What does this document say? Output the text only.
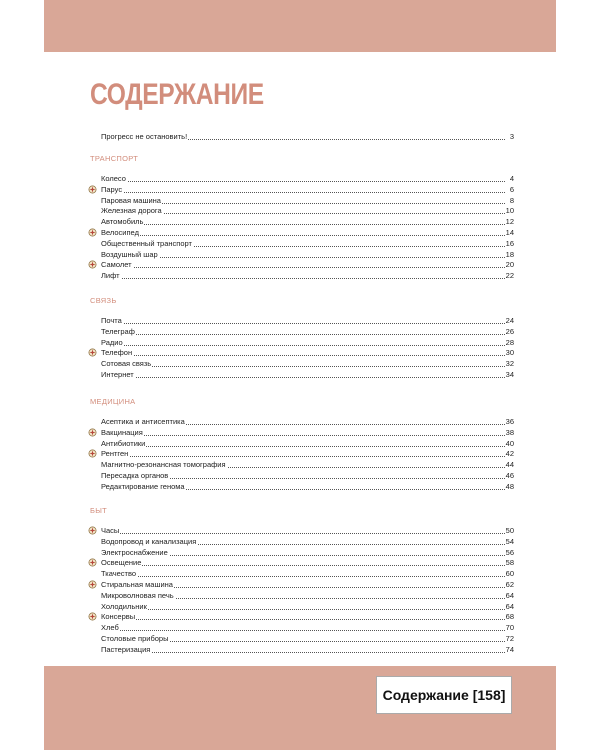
СОДЕРЖАНИЕ
Прогресс не остановить!	3
ТРАНСПОРТ
Колесо	4
Парус	6
Паровая машина	8
Железная дорога	10
Автомобиль	12
Велосипед	14
Общественный транспорт	16
Воздушный шар	18
Самолет	20
Лифт	22
СВЯЗЬ
Почта	24
Телеграф	26
Радио	28
Телефон	30
Сотовая связь	32
Интернет	34
МЕДИЦИНА
Асептика и антисептика	36
Вакцинация	38
Антибиотики	40
Рентген	42
Магнитно-резонансная томография	44
Пересадка органов	46
Редактирование генома	48
БЫТ
Часы	50
Водопровод и канализация	54
Электроснабжение	56
Освещение	58
Ткачество	60
Стиральная машина	62
Микроволновая печь	64
Холодильник	64
Консервы	68
Хлеб	70
Столовые приборы	72
Пастеризация	74
Содержание [158]
